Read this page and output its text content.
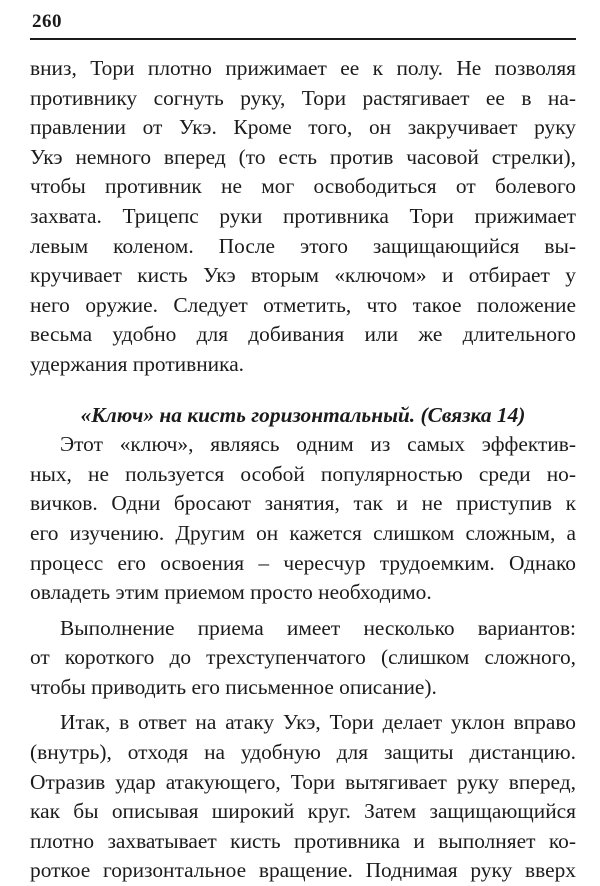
260
вниз, Тори плотно прижимает ее к полу. Не позволяя
противнику согнуть руку, Тори растягивает ее в на-
правлении от Укэ. Кроме того, он закручивает руку
Укэ немного вперед (то есть против часовой стрелки),
чтобы противник не мог освободиться от болевого
захвата. Трицепс руки противника Тори прижимает
левым коленом. После этого защищающийся вы-
кручивает кисть Укэ вторым «ключом» и отбирает у
него оружие. Следует отметить, что такое положение
весьма удобно для добивания или же длительного
удержания противника.
«Ключ» на кисть горизонтальный. (Связка 14)
Этот «ключ», являясь одним из самых эффектив-
ных, не пользуется особой популярностью среди но-
вичков. Одни бросают занятия, так и не приступив к
его изучению. Другим он кажется слишком сложным, а
процесс его освоения – чересчур трудоемким. Однако
овладеть этим приемом просто необходимо.
Выполнение приема имеет несколько вариантов:
от короткого до трехступенчатого (слишком сложного,
чтобы приводить его письменное описание).
Итак, в ответ на атаку Укэ, Тори делает уклон вправо
(внутрь), отходя на удобную для защиты дистанцию.
Отразив удар атакующего, Тори вытягивает руку вперед,
как бы описывая широкий круг. Затем защищающийся
плотно захватывает кисть противника и выполняет ко-
роткое горизонтальное вращение. Поднимая руку вверх
